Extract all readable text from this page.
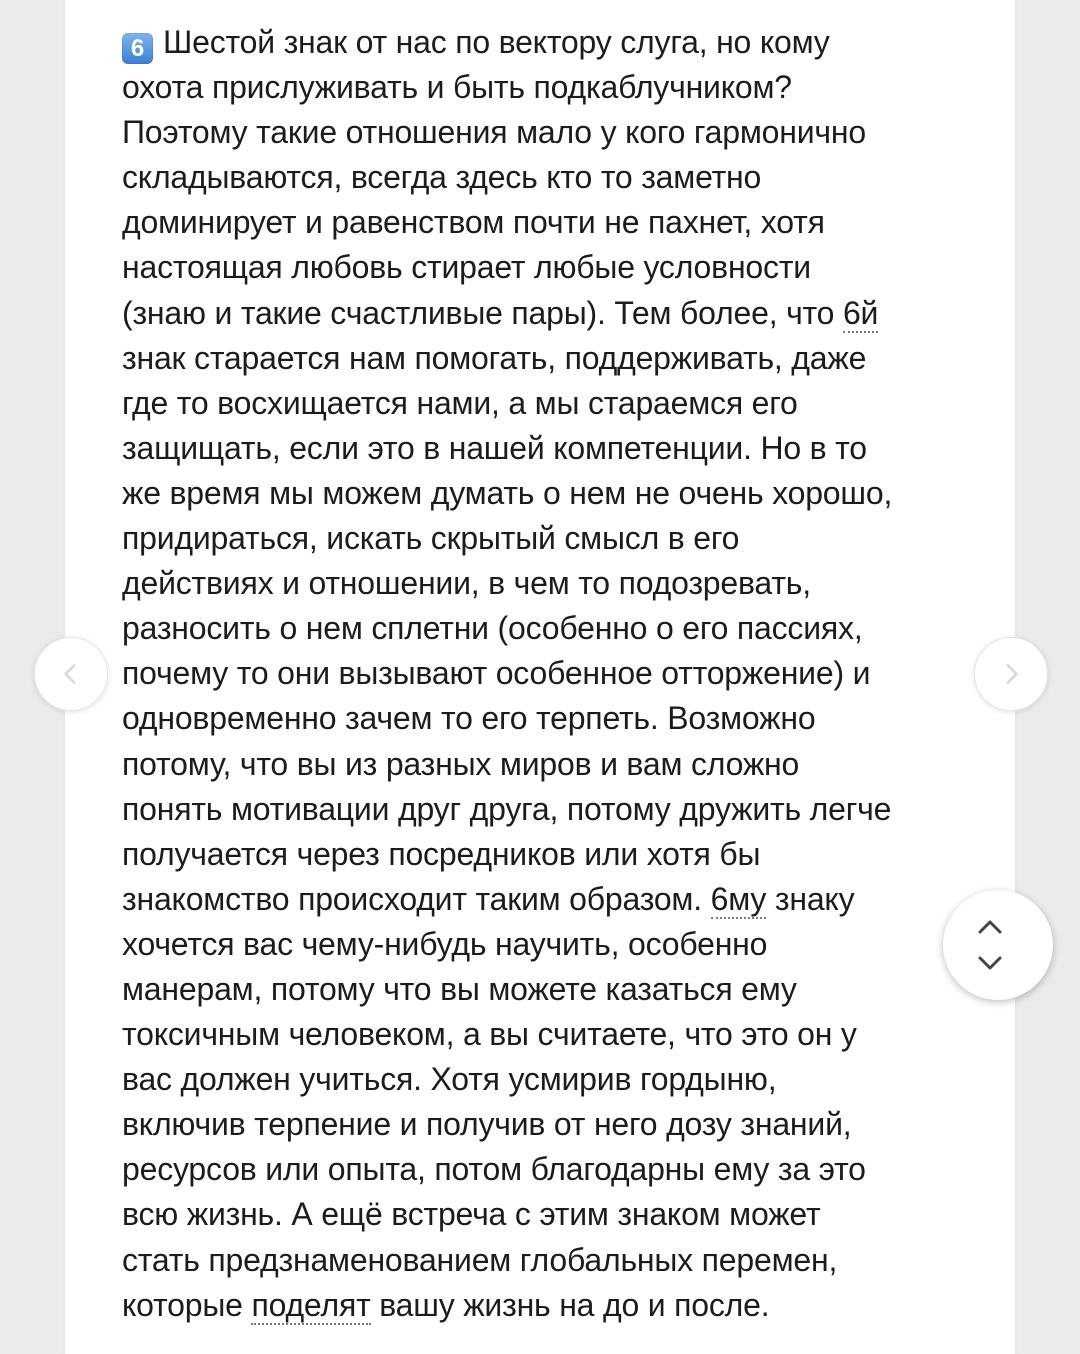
6 Шестой знак от нас по вектору слуга, но кому
охота прислуживать и быть подкаблучником?
Поэтому такие отношения мало у кого гармонично
складываются, всегда здесь кто то заметно
доминирует и равенством почти не пахнет, хотя
настоящая любовь стирает любые условности
(знаю и такие счастливые пары). Тем более, что 6й
знак старается нам помогать, поддерживать, даже
где то восхищается нами, а мы стараемся его
защищать, если это в нашей компетенции. Но в то
же время мы можем думать о нем не очень хорошо,
придираться, искать скрытый смысл в его
действиях и отношении, в чем то подозревать,
разносить о нем сплетни (особенно о его пассиях,
почему то они вызывают особенное отторжение) и
одновременно зачем то его терпеть. Возможно
потому, что вы из разных миров и вам сложно
понять мотивации друг друга, потому дружить легче
получается через посредников или хотя бы
знакомство происходит таким образом. 6му знаку
хочется вас чему-нибудь научить, особенно
манерам, потому что вы можете казаться ему
токсичным человеком, а вы считаете, что это он у
вас должен учиться. Хотя усмирив гордыню,
включив терпение и получив от него дозу знаний,
ресурсов или опыта, потом благодарны ему за это
всю жизнь. А ещё встреча с этим знаком может
стать предзнаменованием глобальных перемен,
которые поделят вашу жизнь на до и после.
